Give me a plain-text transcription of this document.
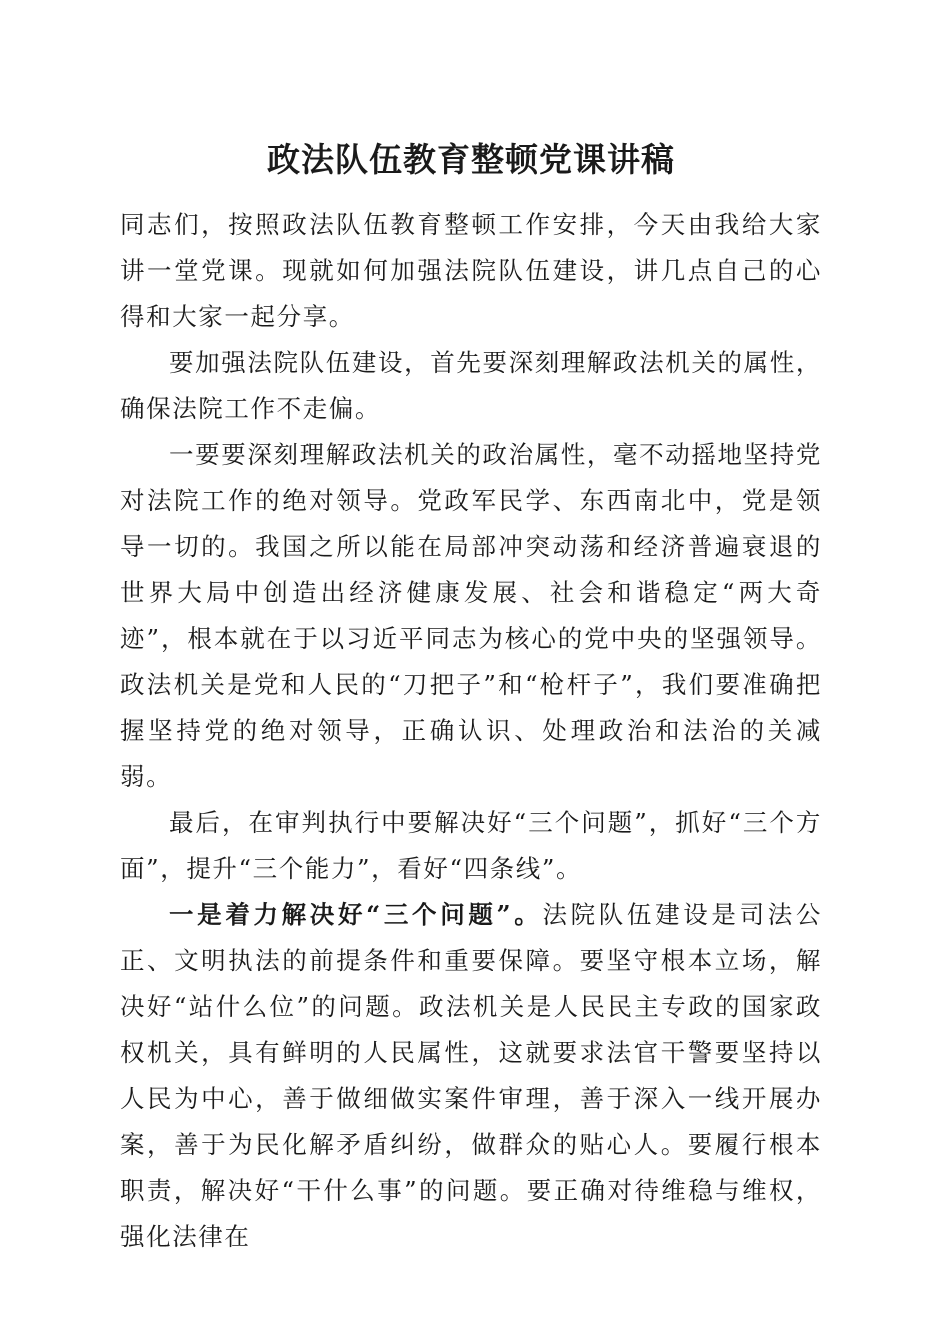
政法队伍教育整顿党课讲稿

同志们，按照政法队伍教育整顿工作安排，今天由我给大家讲一堂党课。现就如何加强法院队伍建设，讲几点自己的心得和大家一起分享。

要加强法院队伍建设，首先要深刻理解政法机关的属性，确保法院工作不走偏。

一要要深刻理解政法机关的政治属性，毫不动摇地坚持党对法院工作的绝对领导。党政军民学、东西南北中，党是领导一切的。我国之所以能在局部冲突动荡和经济普遍衰退的世界大局中创造出经济健康发展、社会和谐稳定“两大奇迹”，根本就在于以习近平同志为核心的党中央的坚强领导。政法机关是党和人民的“刀把子”和“枪杆子”，我们要准确把握坚持党的绝对领导，正确认识、处理政治和法治的关减弱。

最后，在审判执行中要解决好“三个问题”，抓好“三个方面”，提升“三个能力”，看好“四条线”。

一是着力解决好“三个问题”。法院队伍建设是司法公正、文明执法的前提条件和重要保障。要坚守根本立场，解决好“站什么位”的问题。政法机关是人民民主专政的国家政权机关，具有鲜明的人民属性，这就要求法官干警要坚持以人民为中心，善于做细做实案件审理，善于深入一线开展办案，善于为民化解矛盾纠纷，做群众的贴心人。要履行根本职责，解决好“干什么事”的问题。要正确对待维稳与维权，强化法律在
